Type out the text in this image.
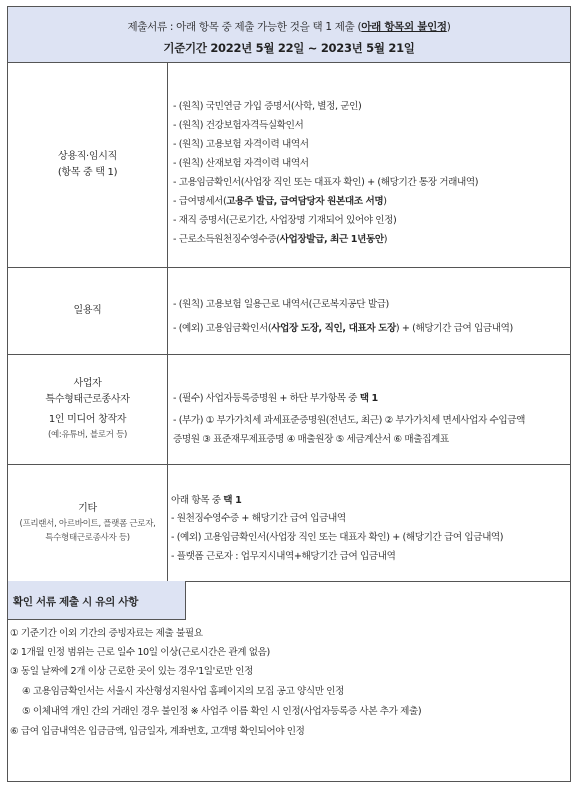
제출서류 : 아래 항목 중 제출 가능한 것을 택 1 제출 (아래 항목외 불인정)
기준기간 2022년 5월 22일 ~ 2023년 5월 21일
상용직·임시직
(항목 중 택 1)
- (원칙) 국민연금 가입 증명서(사학, 별정, 군인)
- (원칙) 건강보험자격득실확인서
- (원칙) 고용보험 자격이력 내역서
- (원칙) 산재보험 자격이력 내역서
- 고용임금확인서(사업장 직인 또는 대표자 확인) + (해당기간 통장 거래내역)
- 급여명세서(고용주 발급, 급여담당자 원본대조 서명)
- 재직 증명서(근로기간, 사업장명 기재되어 있어야 인정)
- 근로소득원천징수영수증(사업장발급, 최근 1년동안)
일용직	- (원칙) 고용보험 일용근로 내역서(근로복지공단 발급)
- (예외) 고용임금확인서(사업장 도장, 직인, 대표자 도장) + (해당기간 급여 입금내역)
사업자
특수형태근로종사자
1인 미디어 창작자
(예:유튜버, 블로거 등)
- (필수) 사업자등록증명원 + 하단 부가항목 중 택 1
- (부가) ① 부가가치세 과세표준증명원(전년도, 최근) ② 부가가치세 면세사업자 수입금액
증명원 ③ 표준재무제표증명 ④ 매출원장 ⑤ 세금계산서 ⑥ 매출집계표
기타
(프리랜서, 아르바이트, 플랫폼 근로자,
특수형태근로종사자 등)
아래 항목 중 택 1
- 원천징수영수증 + 해당기간 급여 입금내역
- (예외) 고용임금확인서(사업장 직인 또는 대표자 확인) + (해당기간 급여 입금내역)
- 플랫폼 근로자 : 업무지시내역+해당기간 급여 입금내역
확인 서류 제출 시 유의 사항
① 기준기간 이외 기간의 증빙자료는 제출 불필요
② 1개월 인정 범위는 근로 일수 10일 이상(근로시간은 관계 없음)
③ 동일 날짜에 2개 이상 근로한 곳이 있는 경우'1일'로만 인정
④ 고용임금확인서는 서울시 자산형성지원사업 홈페이지의 모집 공고 양식만 인정
⑤ 이체내역 개인 간의 거래인 경우 불인정 ※ 사업주 이름 확인 시 인정(사업자등록증 사본 추가 제출)
⑥ 급여 입금내역은 입금금액, 입금일자, 계좌번호, 고객명 확인되어야 인정
